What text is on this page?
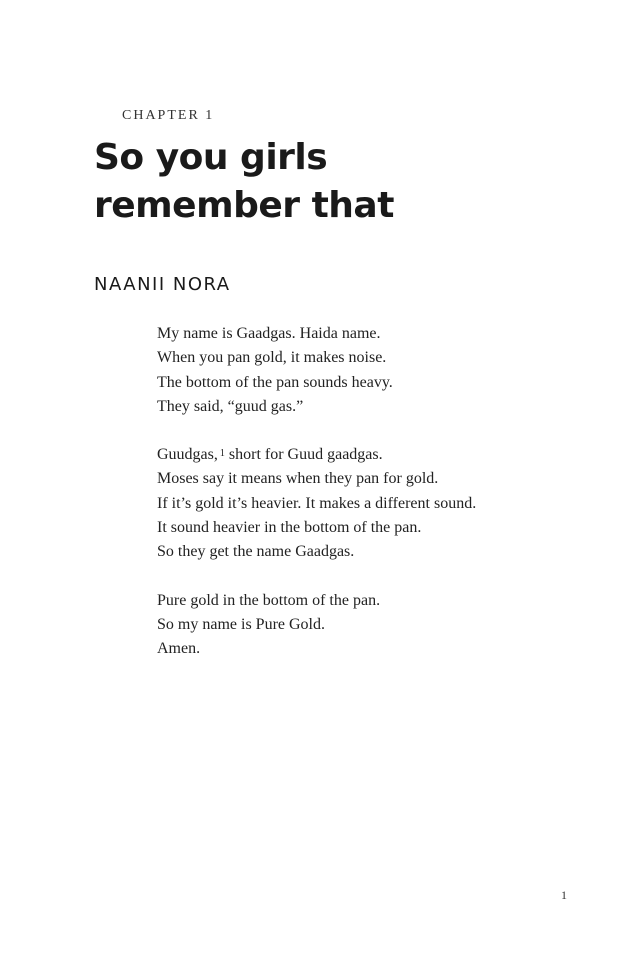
CHAPTER 1
So you girls
remember that
NAANII NORA
My name is Gaadgas. Haida name.
When you pan gold, it makes noise.
The bottom of the pan sounds heavy.
They said, “guud gas.”
Guudgas, $^1$ short for Guud gaadgas.
Moses say it means when they pan for gold.
If it’s gold it’s heavier. It makes a different sound.
It sound heavier in the bottom of the pan.
So they get the name Gaadgas.
Pure gold in the bottom of the pan.
So my name is Pure Gold.
Amen.
1
